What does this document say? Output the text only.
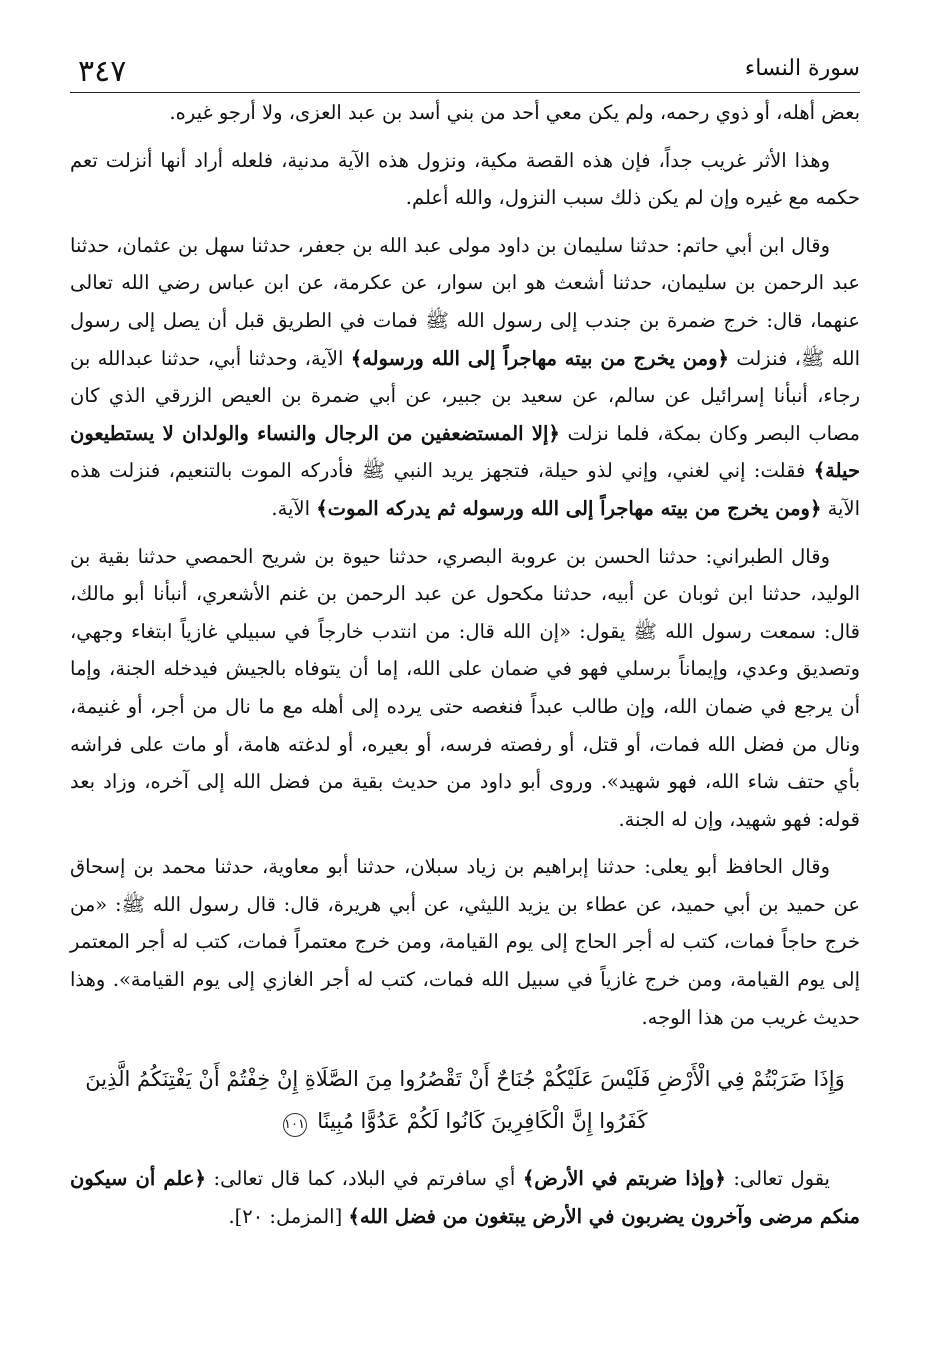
٣٤٧	سورة النساء

بعض أهله، أو ذوي رحمه، ولم يكن معي أحد من بني أسد بن عبد العزى، ولا أرجو غيره.

وهذا الأثر غريب جداً، فإن هذه القصة مكية، ونزول هذه الآية مدنية، فلعله أراد أنها أنزلت تعم حكمه مع غيره وإن لم يكن ذلك سبب النزول، والله أعلم.

وقال ابن أبي حاتم: حدثنا سليمان بن داود مولى عبد الله بن جعفر، حدثنا سهل بن عثمان، حدثنا عبد الرحمن بن سليمان، حدثنا أشعث هو ابن سوار، عن عكرمة، عن ابن عباس رضي الله تعالى عنهما، قال: خرج ضمرة بن جندب إلى رسول الله ﷺ فمات في الطريق قبل أن يصل إلى رسول الله ﷺ، فنزلت ﴿ومن يخرج من بيته مهاجراً إلى الله ورسوله﴾ الآية، وحدثنا أبي، حدثنا عبدالله بن رجاء، أنبأنا إسرائيل عن سالم، عن سعيد بن جبير، عن أبي ضمرة بن العيص الزرقي الذي كان مصاب البصر وكان بمكة، فلما نزلت ﴿إلا المستضعفين من الرجال والنساء والولدان لا يستطيعون حيلة﴾ فقلت: إني لغني، وإني لذو حيلة، فتجهز يريد النبي ﷺ فأدركه الموت بالتنعيم، فنزلت هذه الآية ﴿ومن يخرج من بيته مهاجراً إلى الله ورسوله ثم يدركه الموت﴾ الآية.

وقال الطبراني: حدثنا الحسن بن عروبة البصري، حدثنا حيوة بن شريح الحمصي حدثنا بقية بن الوليد، حدثنا ابن ثوبان عن أبيه، حدثنا مكحول عن عبد الرحمن بن غنم الأشعري، أنبأنا أبو مالك، قال: سمعت رسول الله ﷺ يقول: «إن الله قال: من انتدب خارجاً في سبيلي غازياً ابتغاء وجهي، وتصديق وعدي، وإيماناً برسلي فهو في ضمان على الله، إما أن يتوفاه بالجيش فيدخله الجنة، وإما أن يرجع في ضمان الله، وإن طالب عبداً فنغصه حتى يرده إلى أهله مع ما نال من أجر، أو غنيمة، ونال من فضل الله فمات، أو قتل، أو رفصته فرسه، أو بعيره، أو لدغته هامة، أو مات على فراشه بأي حتف شاء الله، فهو شهيد». وروى أبو داود من حديث بقية من فضل الله إلى آخره، وزاد بعد قوله: فهو شهيد، وإن له الجنة.

وقال الحافظ أبو يعلى: حدثنا إبراهيم بن زياد سبلان، حدثنا أبو معاوية، حدثنا محمد بن إسحاق عن حميد بن أبي حميد، عن عطاء بن يزيد الليثي، عن أبي هريرة، قال: قال رسول الله ﷺ: «من خرج حاجاً فمات، كتب له أجر الحاج إلى يوم القيامة، ومن خرج معتمراً فمات، كتب له أجر المعتمر إلى يوم القيامة، ومن خرج غازياً في سبيل الله فمات، كتب له أجر الغازي إلى يوم القيامة». وهذا حديث غريب من هذا الوجه.

وَإِذَا ضَرَبْتُمْ فِي الْأَرْضِ فَلَيْسَ عَلَيْكُمْ جُنَاحٌ أَنْ تَقْصُرُوا مِنَ الصَّلَاةِ إِنْ خِفْتُمْ أَنْ يَفْتِنَكُمُ الَّذِينَ كَفَرُوا إِنَّ الْكَافِرِينَ كَانُوا لَكُمْ عَدُوًّا مُبِينًا ١٠١

يقول تعالى: ﴿وإذا ضربتم في الأرض﴾ أي سافرتم في البلاد، كما قال تعالى: ﴿علم أن سيكون منكم مرضى وآخرون يضربون في الأرض يبتغون من فضل الله﴾ [المزمل: ٢٠].
